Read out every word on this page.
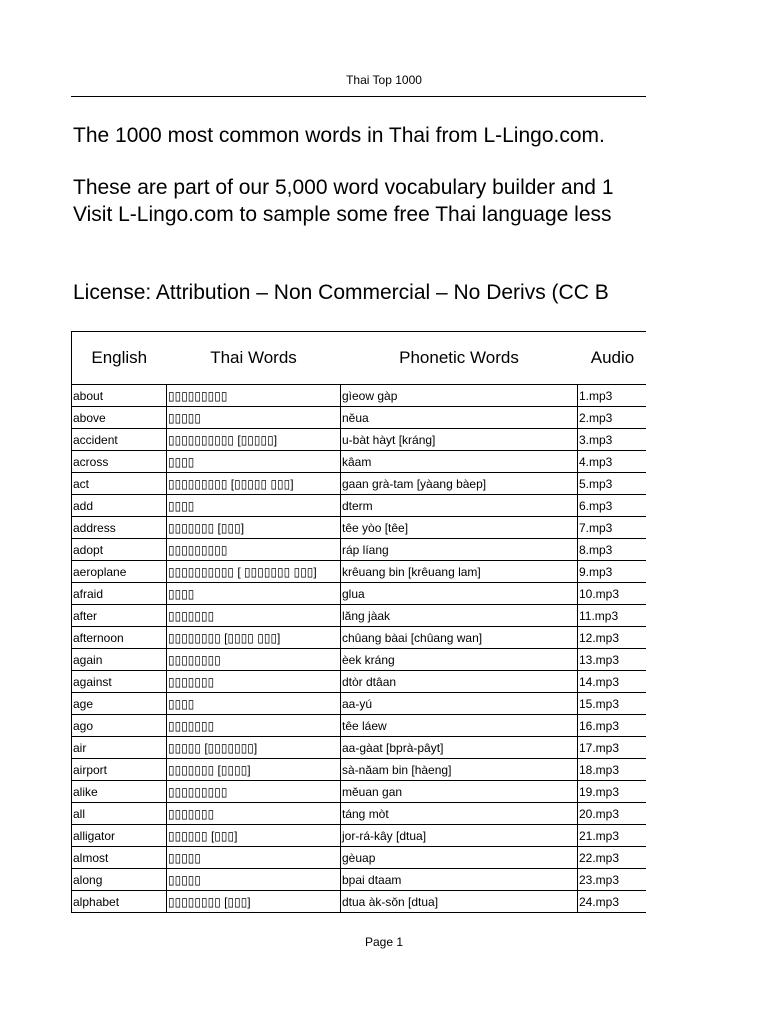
Thai Top 1000
The 1000 most common words in Thai from L-Lingo.com.
These are part of our 5,000 word vocabulary builder and 1
Visit L-Lingo.com to sample some free Thai language less
License: Attribution – Non Commercial – No Derivs (CC B
English	Thai Words	Phonetic Words	Audio
about	▯▯▯▯▯▯▯▯▯	gìeow gàp	1.mp3
above	▯▯▯▯▯	nĕua	2.mp3
accident	▯▯▯▯▯▯▯▯▯▯ [▯▯▯▯▯]	u-bàt hàyt [kráng]	3.mp3
across	▯▯▯▯	kâam	4.mp3
act	▯▯▯▯▯▯▯▯▯ [▯▯▯▯▯ ▯▯▯]	gaan grà-tam [yàang bàep]	5.mp3
add	▯▯▯▯	dterm	6.mp3
address	▯▯▯▯▯▯▯ [▯▯▯]	têe yòo [têe]	7.mp3
adopt	▯▯▯▯▯▯▯▯▯	ráp líang	8.mp3
aeroplane	▯▯▯▯▯▯▯▯▯▯ [ ▯▯▯▯▯▯▯ ▯▯▯]	krêuang bin [krêuang lam]	9.mp3
afraid	▯▯▯▯	glua	10.mp3
after	▯▯▯▯▯▯▯	lăng jàak	11.mp3
afternoon	▯▯▯▯▯▯▯▯ [▯▯▯▯ ▯▯▯]	chûang bàai [chûang wan]	12.mp3
again	▯▯▯▯▯▯▯▯	èek kráng	13.mp3
against	▯▯▯▯▯▯▯	dtòr dtâan	14.mp3
age	▯▯▯▯	aa-yú	15.mp3
ago	▯▯▯▯▯▯▯	têe láew	16.mp3
air	▯▯▯▯▯ [▯▯▯▯▯▯▯]	aa-gàat [bprà-pâyt]	17.mp3
airport	▯▯▯▯▯▯▯ [▯▯▯▯]	sà-năam bin [hàeng]	18.mp3
alike	▯▯▯▯▯▯▯▯▯	mĕuan gan	19.mp3
all	▯▯▯▯▯▯▯	táng mòt	20.mp3
alligator	▯▯▯▯▯▯ [▯▯▯]	jor-rá-kây [dtua]	21.mp3
almost	▯▯▯▯▯	gèuap	22.mp3
along	▯▯▯▯▯	bpai dtaam	23.mp3
alphabet	▯▯▯▯▯▯▯▯ [▯▯▯]	dtua àk-sŏn [dtua]	24.mp3
Page 1
